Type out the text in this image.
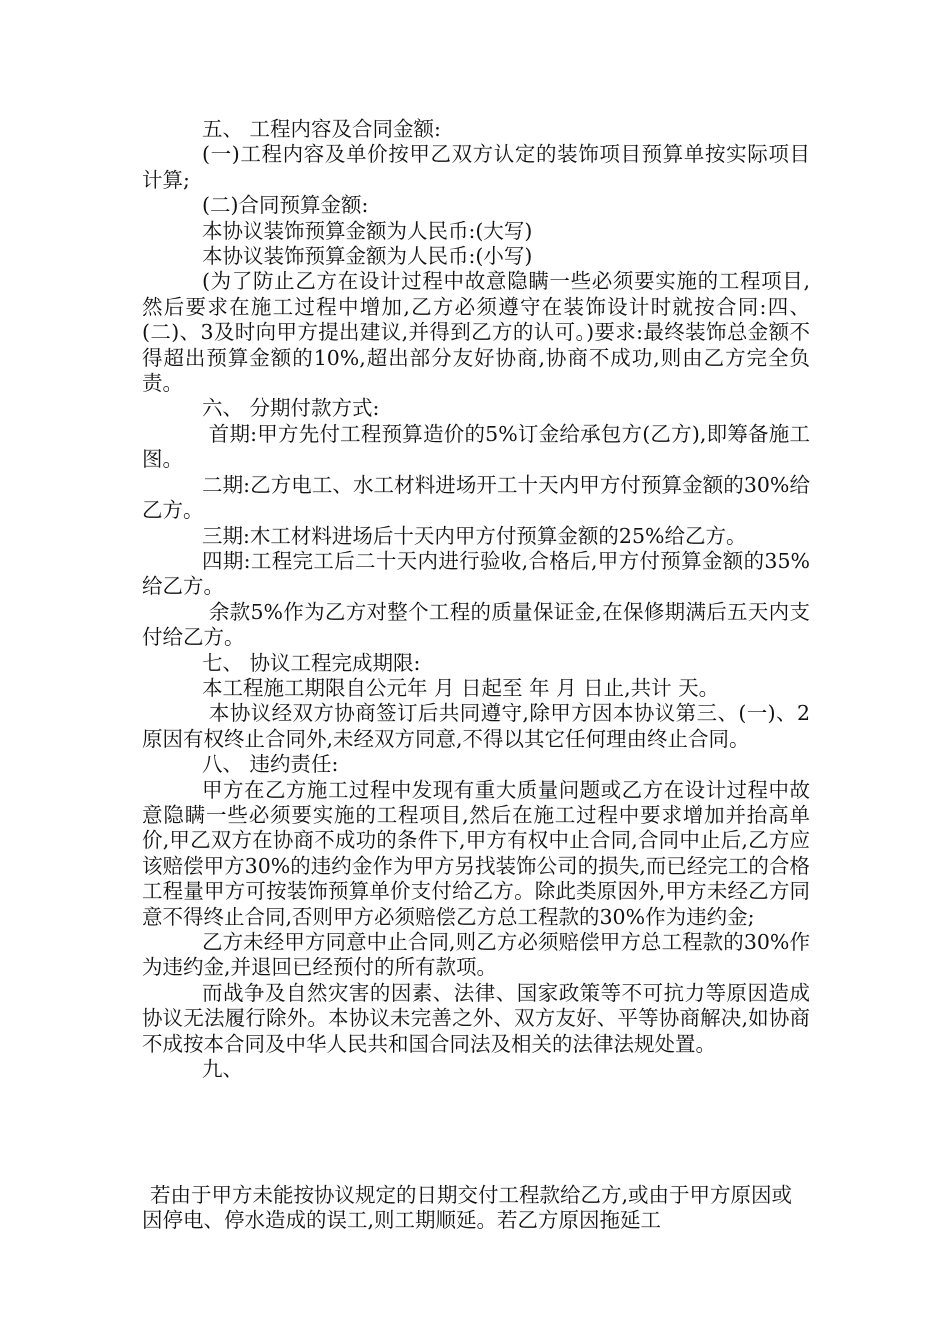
五、 工程内容及合同金额:

(一)工程内容及单价按甲乙双方认定的装饰项目预算单按实际项目计算;

(二)合同预算金额:

本协议装饰预算金额为人民币:(大写)

本协议装饰预算金额为人民币:(小写)

(为了防止乙方在设计过程中故意隐瞒一些必须要实施的工程项目,然后要求在施工过程中增加,乙方必须遵守在装饰设计时就按合同:四、(二)、3及时向甲方提出建议,并得到乙方的认可。)要求:最终装饰总金额不得超出预算金额的10%,超出部分友好协商,协商不成功,则由乙方完全负责。

六、 分期付款方式:

首期:甲方先付工程预算造价的5%订金给承包方(乙方),即筹备施工图。

二期:乙方电工、水工材料进场开工十天内甲方付预算金额的30%给乙方。

三期:木工材料进场后十天内甲方付预算金额的25%给乙方。

四期:工程完工后二十天内进行验收,合格后,甲方付预算金额的35%给乙方。

余款5%作为乙方对整个工程的质量保证金,在保修期满后五天内支付给乙方。

七、 协议工程完成期限:

本工程施工期限自公元年 月 日起至 年 月 日止,共计 天。

本协议经双方协商签订后共同遵守,除甲方因本协议第三、(一)、2原因有权终止合同外,未经双方同意,不得以其它任何理由终止合同。

八、 违约责任:

甲方在乙方施工过程中发现有重大质量问题或乙方在设计过程中故意隐瞒一些必须要实施的工程项目,然后在施工过程中要求增加并抬高单价,甲乙双方在协商不成功的条件下,甲方有权中止合同,合同中止后,乙方应该赔偿甲方30%的违约金作为甲方另找装饰公司的损失,而已经完工的合格工程量甲方可按装饰预算单价支付给乙方。除此类原因外,甲方未经乙方同意不得终止合同,否则甲方必须赔偿乙方总工程款的30%作为违约金;

乙方未经甲方同意中止合同,则乙方必须赔偿甲方总工程款的30%作为违约金,并退回已经预付的所有款项。

而战争及自然灾害的因素、法律、国家政策等不可抗力等原因造成协议无法履行除外。本协议未完善之外、双方友好、平等协商解决,如协商不成按本合同及中华人民共和国合同法及相关的法律法规处置。

九、

若由于甲方未能按协议规定的日期交付工程款给乙方,或由于甲方原因或因停电、停水造成的误工,则工期顺延。若乙方原因拖延工
